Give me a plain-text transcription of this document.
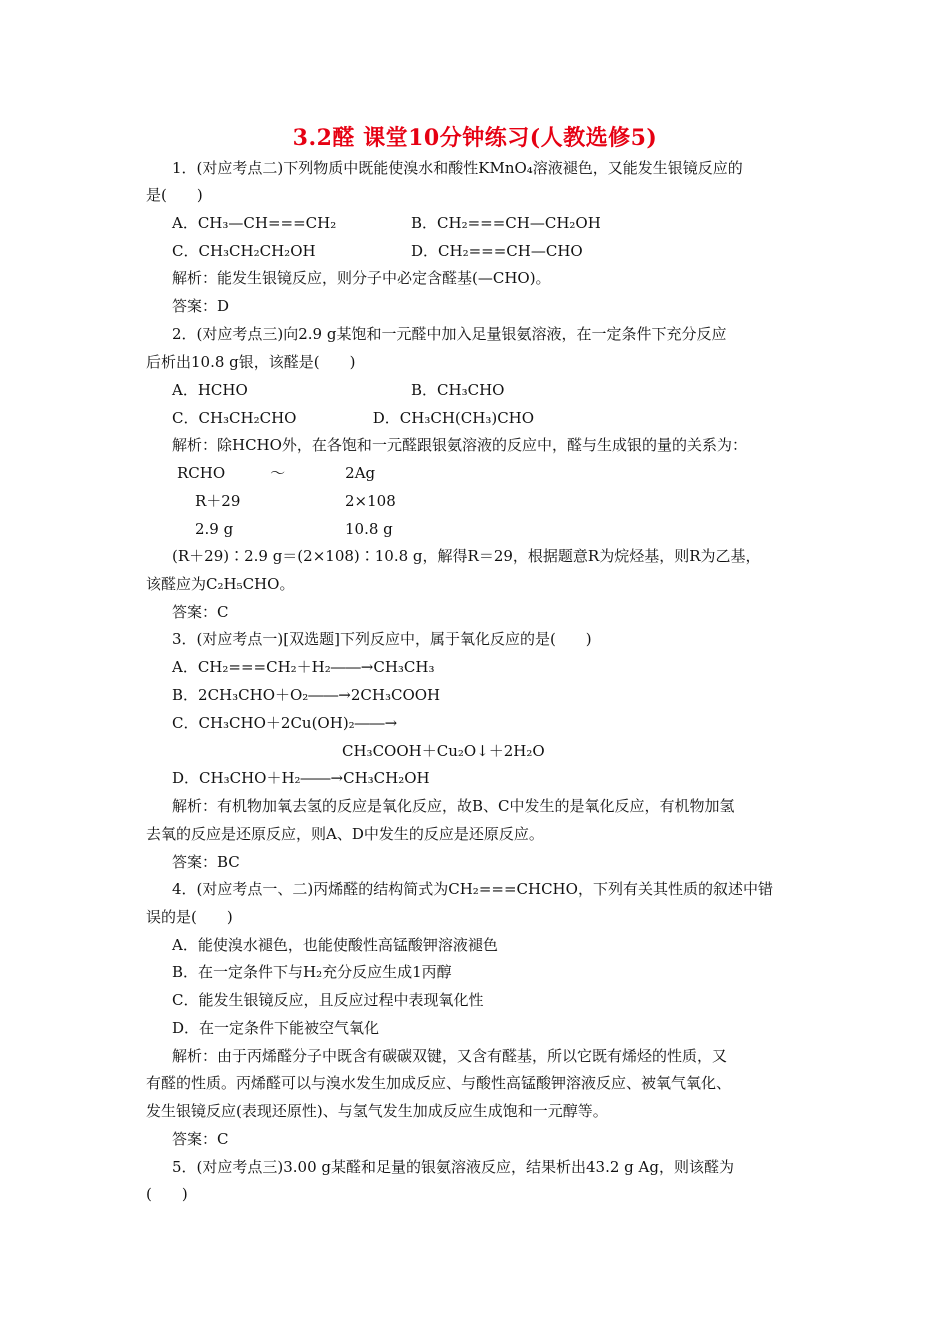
3.2醛 课堂10分钟练习(人教选修5)
1．(对应考点二)下列物质中既能使溴水和酸性KMnO₄溶液褪色，又能发生银镜反应的
是(　　)
A．CH₃—CH===CH₂	B．CH₂===CH—CH₂OH
C．CH₃CH₂CH₂OH	D．CH₂===CH—CHO
解析：能发生银镜反应，则分子中必定含醛基(—CHO)。
答案：D
2．(对应考点三)向2.9 g某饱和一元醛中加入足量银氨溶液，在一定条件下充分反应
后析出10.8 g银，该醛是(　　)
A．HCHO	B．CH₃CHO
C．CH₃CH₂CHO                D．CH₃CH(CH₃)CHO
解析：除HCHO外，在各饱和一元醛跟银氨溶液的反应中，醛与生成银的量的关系为：
RCHO　　　～　　　　2Ag
R＋29	2×108
2.9 g	10.8 g
(R＋29)∶2.9 g＝(2×108)∶10.8 g，解得R＝29，根据题意R为烷烃基，则R为乙基，
该醛应为C₂H₅CHO。
答案：C
3．(对应考点一)[双选题]下列反应中，属于氧化反应的是(　　)
A．CH₂===CH₂＋H₂――→CH₃CH₃
B．2CH₃CHO＋O₂――→2CH₃COOH
C．CH₃CHO＋2Cu(OH)₂――→
CH₃COOH＋Cu₂O↓＋2H₂O
D．CH₃CHO＋H₂――→CH₃CH₂OH
解析：有机物加氧去氢的反应是氧化反应，故B、C中发生的是氧化反应，有机物加氢
去氧的反应是还原反应，则A、D中发生的反应是还原反应。
答案：BC
4．(对应考点一、二)丙烯醛的结构简式为CH₂===CHCHO，下列有关其性质的叙述中错
误的是(　　)
A．能使溴水褪色，也能使酸性高锰酸钾溶液褪色
B．在一定条件下与H₂充分反应生成1丙醇
C．能发生银镜反应，且反应过程中表现氧化性
D．在一定条件下能被空气氧化
解析：由于丙烯醛分子中既含有碳碳双键，又含有醛基，所以它既有烯烃的性质，又
有醛的性质。丙烯醛可以与溴水发生加成反应、与酸性高锰酸钾溶液反应、被氧气氧化、
发生银镜反应(表现还原性)、与氢气发生加成反应生成饱和一元醇等。
答案：C
5．(对应考点三)3.00 g某醛和足量的银氨溶液反应，结果析出43.2 g Ag，则该醛为
(　　)
